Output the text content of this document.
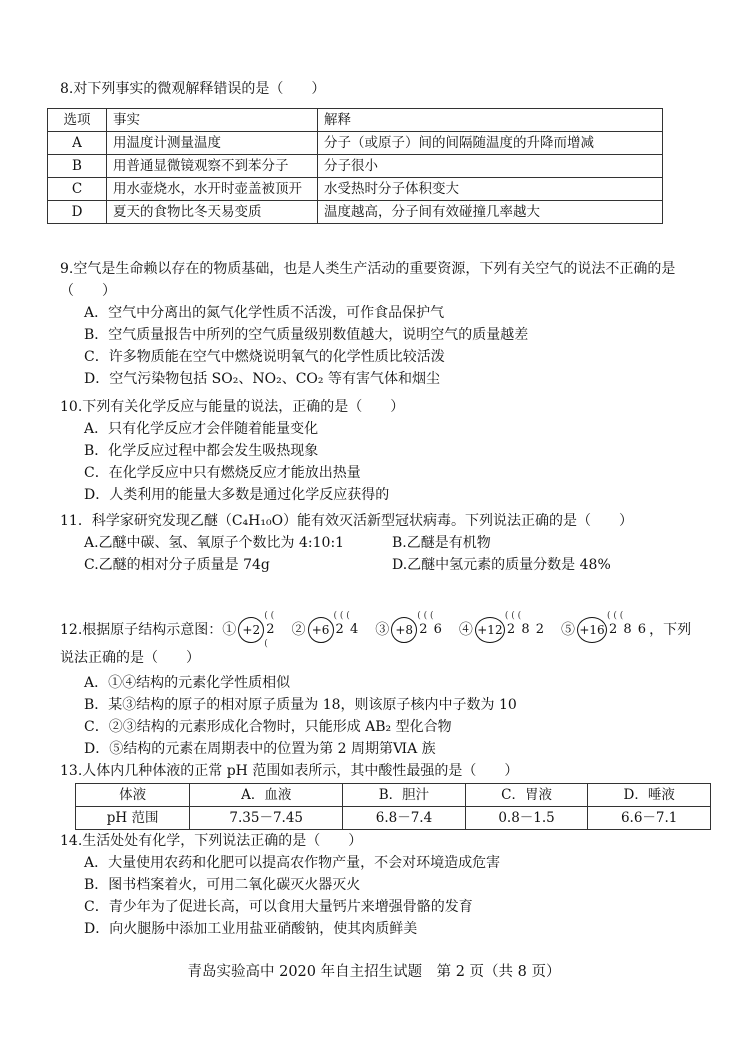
8.对下列事实的微观解释错误的是（　　）
选项	事实	解释
A	用温度计测量温度	分子（或原子）间的间隔随温度的升降而增减
B	用普通显微镜观察不到苯分子	分子很小
C	用水壶烧水，水开时壶盖被顶开	水受热时分子体积变大
D	夏天的食物比冬天易变质	温度越高，分子间有效碰撞几率越大
9.空气是生命赖以存在的物质基础，也是人类生产活动的重要资源，下列有关空气的说法不正确的是（　　）
A．空气中分离出的氮气化学性质不活泼，可作食品保护气
B．空气质量报告中所列的空气质量级别数值越大，说明空气的质量越差
C．许多物质能在空气中燃烧说明氧气的化学性质比较活泼
D．空气污染物包括 SO₂、NO₂、CO₂ 等有害气体和烟尘
10.下列有关化学反应与能量的说法，正确的是（　　）
A．只有化学反应才会伴随着能量变化
B．化学反应过程中都会发生吸热现象
C．在化学反应中只有燃烧反应才能放出热量
D．人类利用的能量大多数是通过化学反应获得的
11．科学家研究发现乙醚（C₄H₁₀O）能有效灭活新型冠状病毒。下列说法正确的是（　　）
A.乙醚中碳、氢、氧原子个数比为 4:10:1	B.乙醚是有机物
C.乙醚的相对分子质量是 74g	D.乙醚中氢元素的质量分数是 48%
12.根据原子结构示意图：① +2 ( ( ( 2　 ② +6 ( ( ( 2 4　 ③ +8 ( ( ( 2 6　 ④ +12 ( ( ( 2 8 2　 ⑤ +16 ( ( ( 2 8 6 ，下列说法正确的是（　　）
A．①④结构的元素化学性质相似
B．某③结构的原子的相对原子质量为 18，则该原子核内中子数为 10
C．②③结构的元素形成化合物时，只能形成 AB₂ 型化合物
D．⑤结构的元素在周期表中的位置为第 2 周期第ⅥA 族
13.人体内几种体液的正常 pH 范围如表所示，其中酸性最强的是（　　）
体液	A．血液	B．胆汁	C．胃液	D．唾液
pH 范围	7.35－7.45	6.8－7.4	0.8－1.5	6.6－7.1
14.生活处处有化学，下列说法正确的是（　　）
A．大量使用农药和化肥可以提高农作物产量，不会对环境造成危害
B．图书档案着火，可用二氧化碳灭火器灭火
C．青少年为了促进长高，可以食用大量钙片来增强骨骼的发育
D．向火腿肠中添加工业用盐亚硝酸钠，使其肉质鲜美
青岛实验高中 2020 年自主招生试题　第 2 页（共 8 页）
